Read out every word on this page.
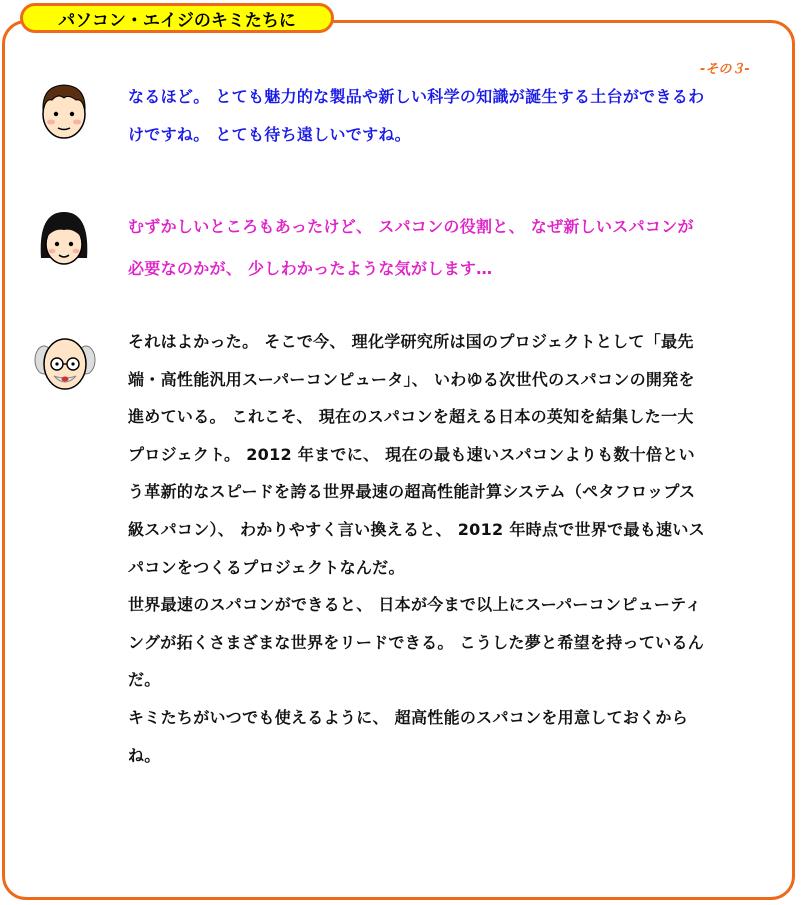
パソコン・エイジのキミたちに
-その３-

なるほど。 とても魅力的な製品や新しい科学の知識が誕生する土台ができるわけですね。 とても待ち遠しいですね。

むずかしいところもあったけど、 スパコンの役割と、 なぜ新しいスパコンが必要なのかが、 少しわかったような気がします…

それはよかった。 そこで今、 理化学研究所は国のプロジェクトとして「最先端・高性能汎用スーパーコンピュータ」、 いわゆる次世代のスパコンの開発を進めている。 これこそ、 現在のスパコンを超える日本の英知を結集した一大プロジェクト。 2012 年までに、 現在の最も速いスパコンよりも数十倍という革新的なスピードを誇る世界最速の超高性能計算システム（ペタフロップス級スパコン）、 わかりやすく言い換えると、 2012 年時点で世界で最も速いスパコンをつくるプロジェクトなんだ。

世界最速のスパコンができると、 日本が今まで以上にスーパーコンピューティングが拓くさまざまな世界をリードできる。 こうした夢と希望を持っているんだ。

キミたちがいつでも使えるように、 超高性能のスパコンを用意しておくからね。
